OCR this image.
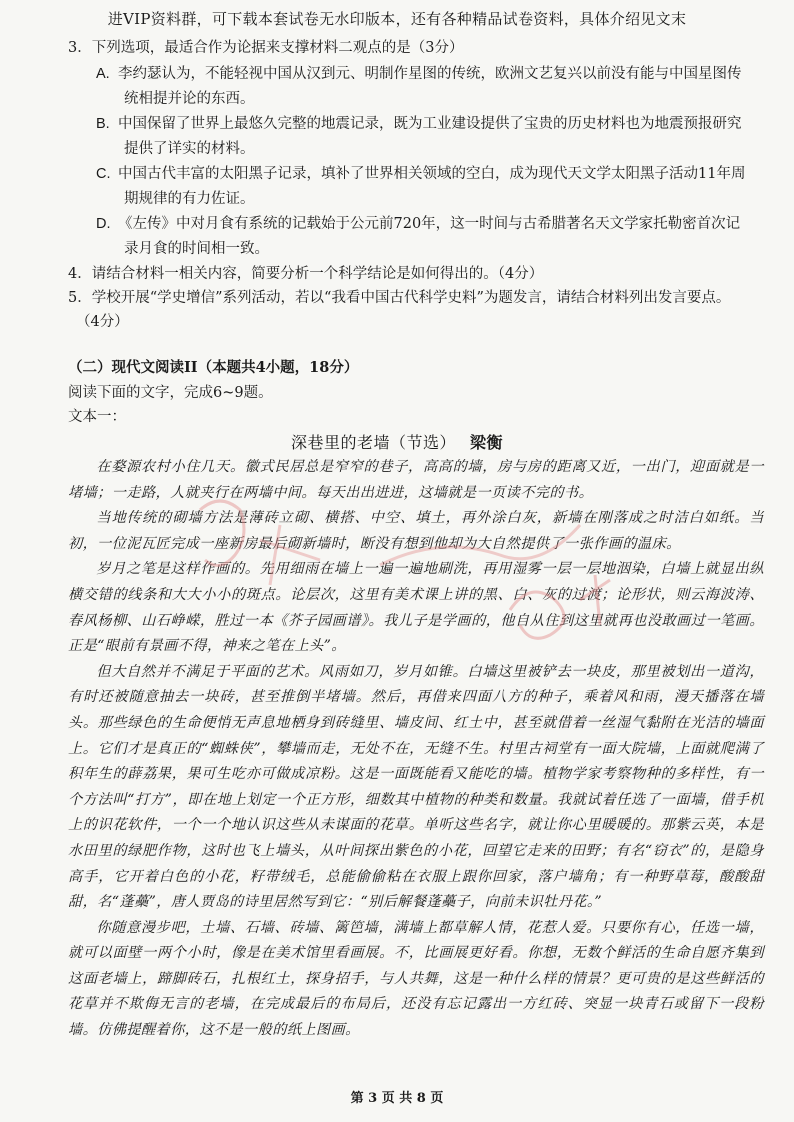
进VIP资料群，可下载本套试卷无水印版本，还有各种精品试卷资料，具体介绍见文末
3．下列选项，最适合作为论据来支撑材料二观点的是（3分）
A. 李约瑟认为，不能轻视中国从汉到元、明制作星图的传统，欧洲文艺复兴以前没有能与中国星图传
统相提并论的东西。
B. 中国保留了世界上最悠久完整的地震记录，既为工业建设提供了宝贵的历史材料也为地震预报研究
提供了详实的材料。
C. 中国古代丰富的太阳黑子记录，填补了世界相关领域的空白，成为现代天文学太阳黑子活动11年周
期规律的有力佐证。
D. 《左传》中对月食有系统的记载始于公元前720年，这一时间与古希腊著名天文学家托勒密首次记
录月食的时间相一致。
4．请结合材料一相关内容，简要分析一个科学结论是如何得出的。（4分）
5．学校开展“学史增信”系列活动，若以“我看中国古代科学史料”为题发言，请结合材料列出发言要点。
（4分）
（二）现代文阅读II（本题共4小题，18分）
阅读下面的文字，完成6~9题。
文本一：
深巷里的老墙（节选） 梁衡

在婺源农村小住几天。徽式民居总是窄窄的巷子，高高的墙，房与房的距离又近，一出门，迎面就是一堵墙；一走路，人就夹行在两墙中间。每天出出进进，这墙就是一页读不完的书。

当地传统的砌墙方法是薄砖立砌、横搭、中空、填土，再外涂白灰，新墙在刚落成之时洁白如纸。当初，一位泥瓦匠完成一座新房最后砌新墙时，断没有想到他却为大自然提供了一张作画的温床。

岁月之笔是这样作画的。先用细雨在墙上一遍一遍地刷洗，再用湿雾一层一层地洇染，白墙上就显出纵横交错的线条和大大小小的斑点。论层次，这里有美术课上讲的黑、白、灰的过渡；论形状，则云海波涛、春风杨柳、山石峥嵘，胜过一本《芥子园画谱》。我儿子是学画的，他自从住到这里就再也没敢画过一笔画。正是“眼前有景画不得，神来之笔在上头”。

但大自然并不满足于平面的艺术。风雨如刀，岁月如锥。白墙这里被铲去一块皮，那里被划出一道沟，有时还被随意抽去一块砖，甚至推倒半堵墙。然后，再借来四面八方的种子，乘着风和雨，漫天播落在墙头。那些绿色的生命便悄无声息地栖身到砖缝里、墙皮间、红土中，甚至就借着一丝湿气黏附在光洁的墙面上。它们才是真正的“蜘蛛侠”，攀墙而走，无处不在，无缝不生。村里古祠堂有一面大院墙，上面就爬满了积年生的薜荔果，果可生吃亦可做成凉粉。这是一面既能看又能吃的墙。植物学家考察物种的多样性，有一个方法叫“打方”，即在地上划定一个正方形，细数其中植物的种类和数量。我就试着任选了一面墙，借手机上的识花软件，一个一个地认识这些从未谋面的花草。单听这些名字，就让你心里暖暖的。那紫云英，本是水田里的绿肥作物，这时也飞上墙头，从叶间探出紫色的小花，回望它走来的田野；有名“窃衣”的，是隐身高手，它开着白色的小花，籽带绒毛，总能偷偷粘在衣服上跟你回家，落户墙角；有一种野草莓，酸酸甜甜，名“蓬蘽”，唐人贾岛的诗里居然写到它：“别后解餐蓬蘽子，向前未识牡丹花。”

你随意漫步吧，土墙、石墙、砖墙、篱笆墙，满墙上都草解人情，花惹人爱。只要你有心，任选一墙，就可以面壁一两个小时，像是在美术馆里看画展。不，比画展更好看。你想，无数个鲜活的生命自愿齐集到这面老墙上，蹄脚砖石，扎根红土，探身招手，与人共舞，这是一种什么样的情景？更可贵的是这些鲜活的花草并不欺侮无言的老墙，在完成最后的布局后，还没有忘记露出一方红砖、突显一块青石或留下一段粉墙。仿佛提醒着你，这不是一般的纸上图画。

第 3 页 共 8 页
